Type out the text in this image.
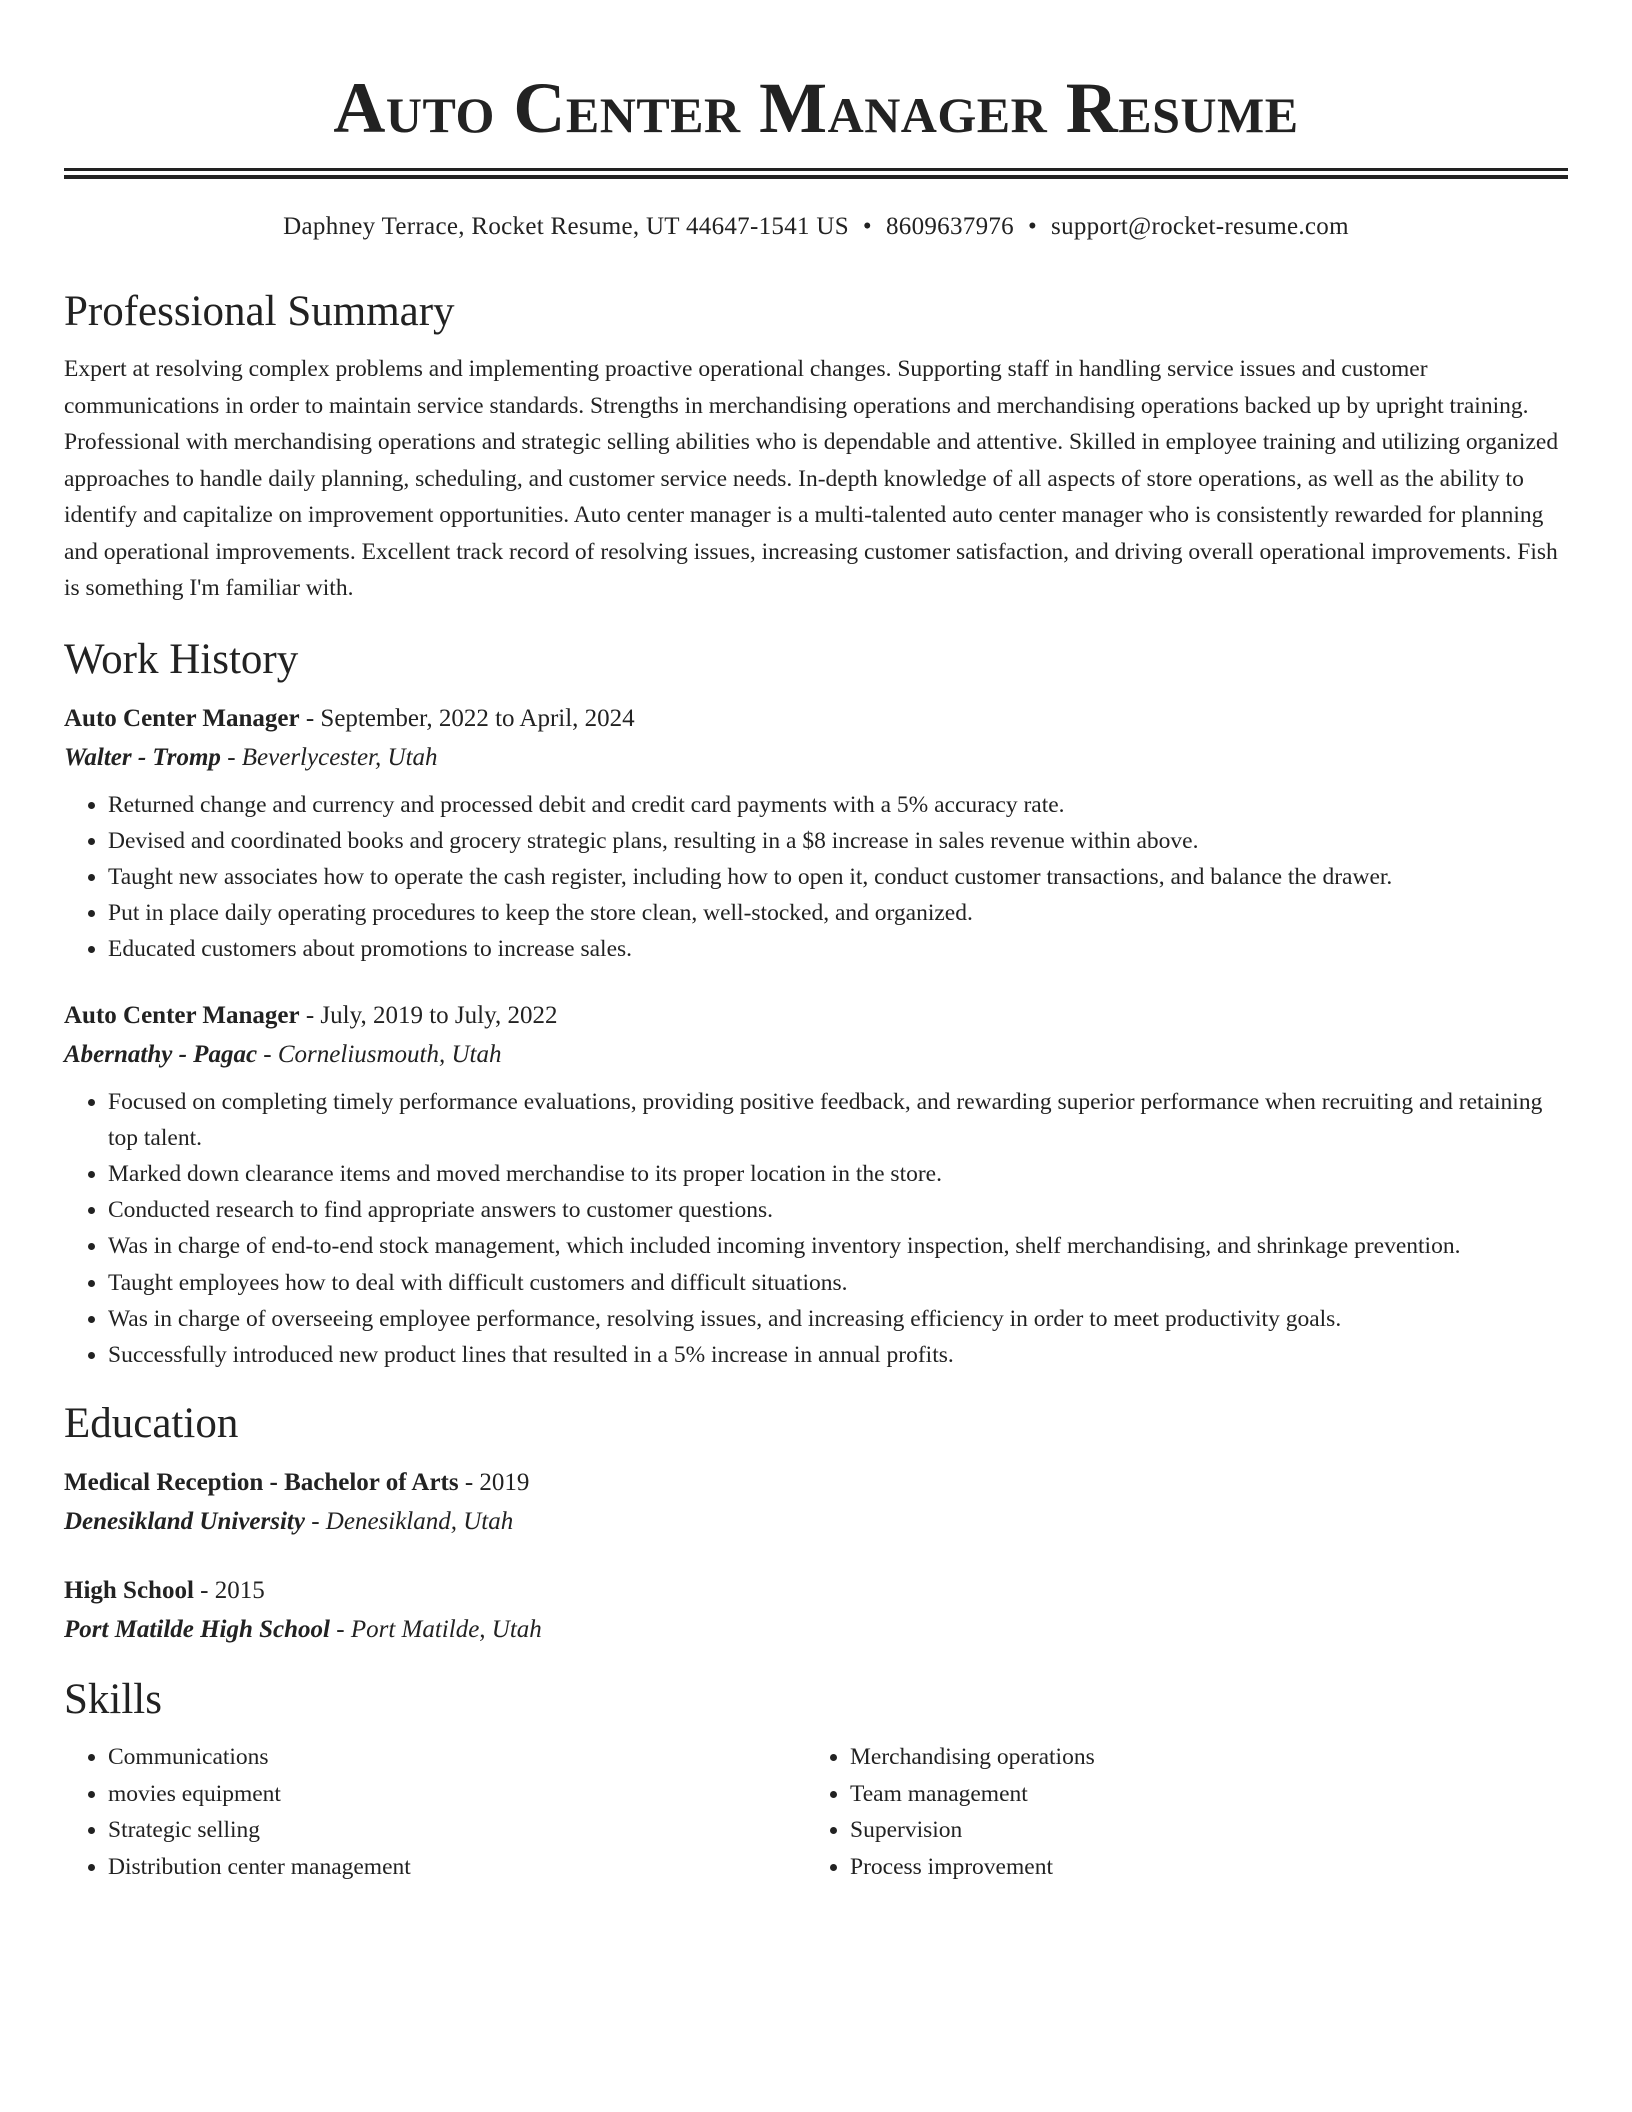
Auto Center Manager Resume
Daphney Terrace, Rocket Resume, UT 44647-1541 US • 8609637976 • support@rocket-resume.com
Professional Summary
Expert at resolving complex problems and implementing proactive operational changes. Supporting staff in handling service issues and customer communications in order to maintain service standards. Strengths in merchandising operations and merchandising operations backed up by upright training. Professional with merchandising operations and strategic selling abilities who is dependable and attentive. Skilled in employee training and utilizing organized approaches to handle daily planning, scheduling, and customer service needs. In-depth knowledge of all aspects of store operations, as well as the ability to identify and capitalize on improvement opportunities. Auto center manager is a multi-talented auto center manager who is consistently rewarded for planning and operational improvements. Excellent track record of resolving issues, increasing customer satisfaction, and driving overall operational improvements. Fish is something I'm familiar with.
Work History
Auto Center Manager - September, 2022 to April, 2024
Walter - Tromp - Beverlycester, Utah
• Returned change and currency and processed debit and credit card payments with a 5% accuracy rate.
• Devised and coordinated books and grocery strategic plans, resulting in a $8 increase in sales revenue within above.
• Taught new associates how to operate the cash register, including how to open it, conduct customer transactions, and balance the drawer.
• Put in place daily operating procedures to keep the store clean, well-stocked, and organized.
• Educated customers about promotions to increase sales.
Auto Center Manager - July, 2019 to July, 2022
Abernathy - Pagac - Corneliusmouth, Utah
• Focused on completing timely performance evaluations, providing positive feedback, and rewarding superior performance when recruiting and retaining top talent.
• Marked down clearance items and moved merchandise to its proper location in the store.
• Conducted research to find appropriate answers to customer questions.
• Was in charge of end-to-end stock management, which included incoming inventory inspection, shelf merchandising, and shrinkage prevention.
• Taught employees how to deal with difficult customers and difficult situations.
• Was in charge of overseeing employee performance, resolving issues, and increasing efficiency in order to meet productivity goals.
• Successfully introduced new product lines that resulted in a 5% increase in annual profits.
Education
Medical Reception - Bachelor of Arts - 2019
Denesikland University - Denesikland, Utah
High School - 2015
Port Matilde High School - Port Matilde, Utah
Skills
• Communications
• movies equipment
• Strategic selling
• Distribution center management
• Merchandising operations
• Team management
• Supervision
• Process improvement
